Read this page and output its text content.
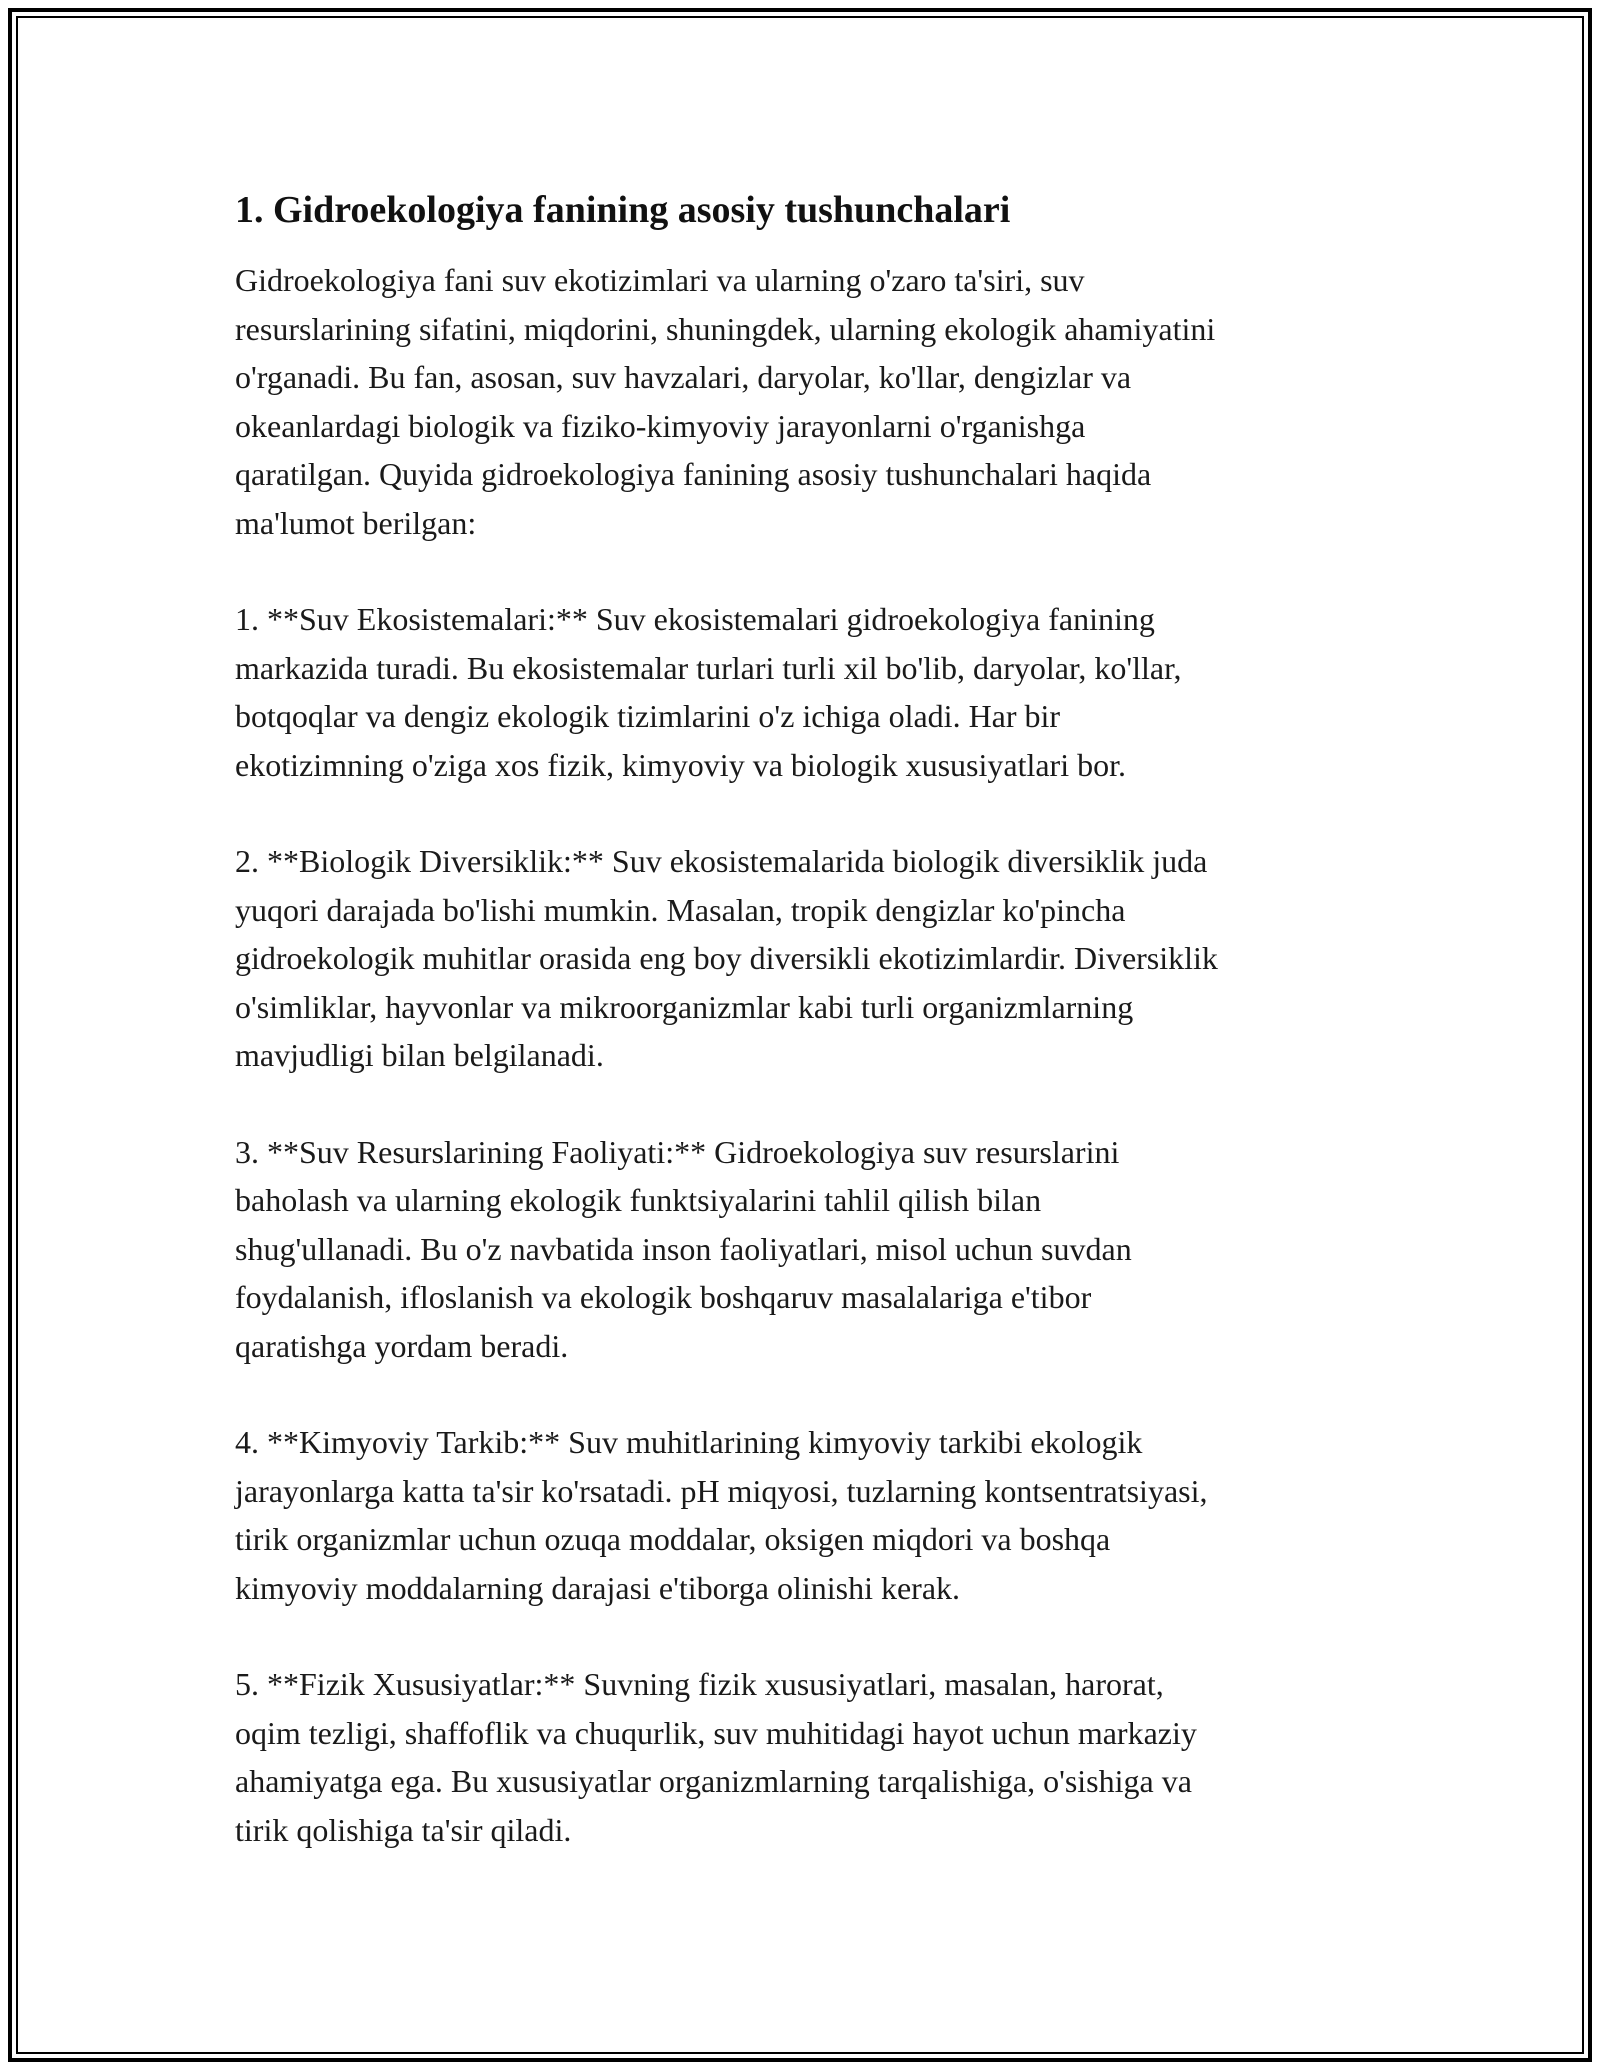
1. Gidroekologiya fanining asosiy tushunchalari

Gidroekologiya fani suv ekotizimlari va ularning o'zaro ta'siri, suv
resurslarining sifatini, miqdorini, shuningdek, ularning ekologik ahamiyatini
o'rganadi. Bu fan, asosan, suv havzalari, daryolar, ko'llar, dengizlar va
okeanlardagi biologik va fiziko-kimyoviy jarayonlarni o'rganishga
qaratilgan. Quyida gidroekologiya fanining asosiy tushunchalari haqida
ma'lumot berilgan:

1. **Suv Ekosistemalari:** Suv ekosistemalari gidroekologiya fanining
markazida turadi. Bu ekosistemalar turlari turli xil bo'lib, daryolar, ko'llar,
botqoqlar va dengiz ekologik tizimlarini o'z ichiga oladi. Har bir
ekotizimning o'ziga xos fizik, kimyoviy va biologik xususiyatlari bor.

2. **Biologik Diversiklik:** Suv ekosistemalarida biologik diversiklik juda
yuqori darajada bo'lishi mumkin. Masalan, tropik dengizlar ko'pincha
gidroekologik muhitlar orasida eng boy diversikli ekotizimlardir. Diversiklik
o'simliklar, hayvonlar va mikroorganizmlar kabi turli organizmlarning
mavjudligi bilan belgilanadi.

3. **Suv Resurslarining Faoliyati:** Gidroekologiya suv resurslarini
baholash va ularning ekologik funktsiyalarini tahlil qilish bilan
shug'ullanadi. Bu o'z navbatida inson faoliyatlari, misol uchun suvdan
foydalanish, ifloslanish va ekologik boshqaruv masalalariga e'tibor
qaratishga yordam beradi.

4. **Kimyoviy Tarkib:** Suv muhitlarining kimyoviy tarkibi ekologik
jarayonlarga katta ta'sir ko'rsatadi. pH miqyosi, tuzlarning kontsentratsiyasi,
tirik organizmlar uchun ozuqa moddalar, oksigen miqdori va boshqa
kimyoviy moddalarning darajasi e'tiborga olinishi kerak.

5. **Fizik Xususiyatlar:** Suvning fizik xususiyatlari, masalan, harorat,
oqim tezligi, shaffoflik va chuqurlik, suv muhitidagi hayot uchun markaziy
ahamiyatga ega. Bu xususiyatlar organizmlarning tarqalishiga, o'sishiga va
tirik qolishiga ta'sir qiladi.
